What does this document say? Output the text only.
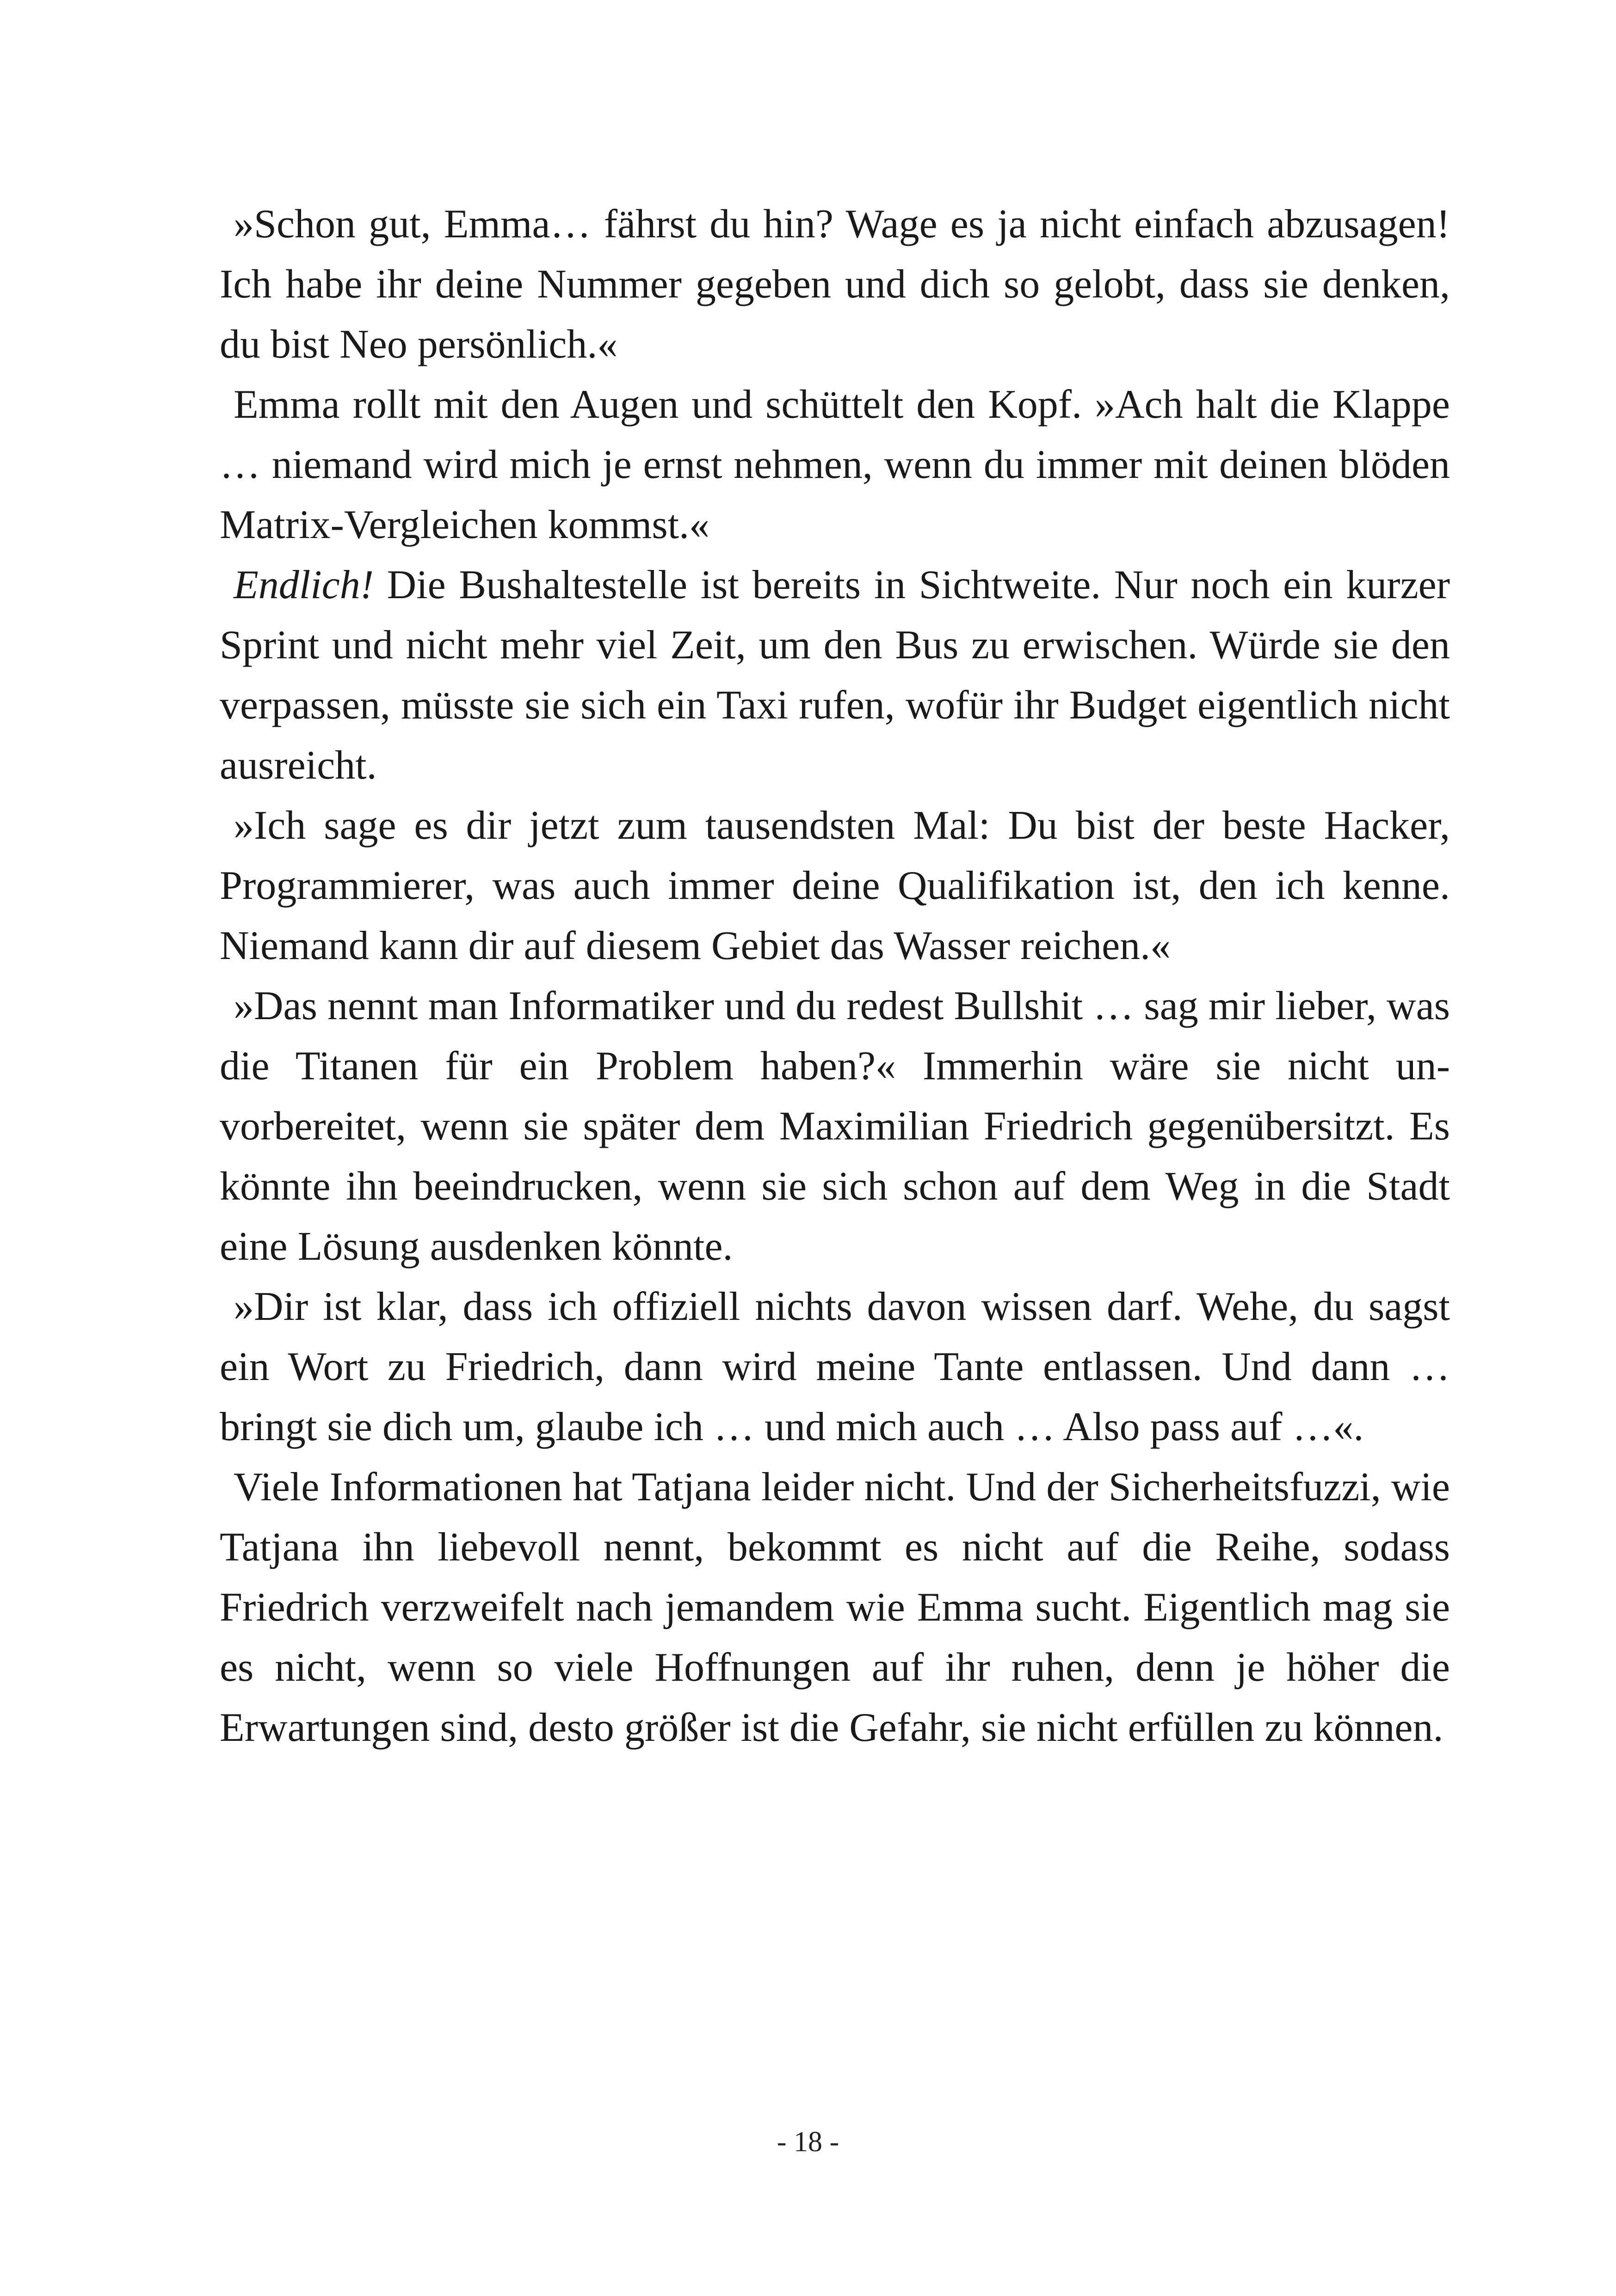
»Schon gut, Emma… fährst du hin? Wage es ja nicht einfach abzusagen! Ich habe ihr deine Nummer gegeben und dich so gelobt, dass sie denken, du bist Neo persönlich.«

Emma rollt mit den Augen und schüttelt den Kopf. »Ach halt die Klappe … niemand wird mich je ernst nehmen, wenn du immer mit deinen blöden Matrix-Vergleichen kommst.«

Endlich! Die Bushaltestelle ist bereits in Sichtweite. Nur noch ein kurzer Sprint und nicht mehr viel Zeit, um den Bus zu erwischen. Würde sie den verpassen, müsste sie sich ein Taxi rufen, wofür ihr Budget eigentlich nicht ausreicht.

»Ich sage es dir jetzt zum tausendsten Mal: Du bist der beste Hacker, Programmierer, was auch immer deine Qualifikation ist, den ich kenne. Niemand kann dir auf diesem Gebiet das Wasser reichen.«

»Das nennt man Informatiker und du redest Bullshit … sag mir lieber, was die Titanen für ein Problem haben?« Immerhin wäre sie nicht unvorbereitet, wenn sie später dem Maximilian Friedrich gegenübersitzt. Es könnte ihn beeindrucken, wenn sie sich schon auf dem Weg in die Stadt eine Lösung ausdenken könnte.

»Dir ist klar, dass ich offiziell nichts davon wissen darf. Wehe, du sagst ein Wort zu Friedrich, dann wird meine Tante entlassen. Und dann … bringt sie dich um, glaube ich … und mich auch … Also pass auf …«.

Viele Informationen hat Tatjana leider nicht. Und der Sicherheitsfuzzi, wie Tatjana ihn liebevoll nennt, bekommt es nicht auf die Reihe, sodass Friedrich verzweifelt nach jemandem wie Emma sucht. Eigentlich mag sie es nicht, wenn so viele Hoffnungen auf ihr ruhen, denn je höher die Erwartungen sind, desto größer ist die Gefahr, sie nicht erfüllen zu können.

- 18 -
